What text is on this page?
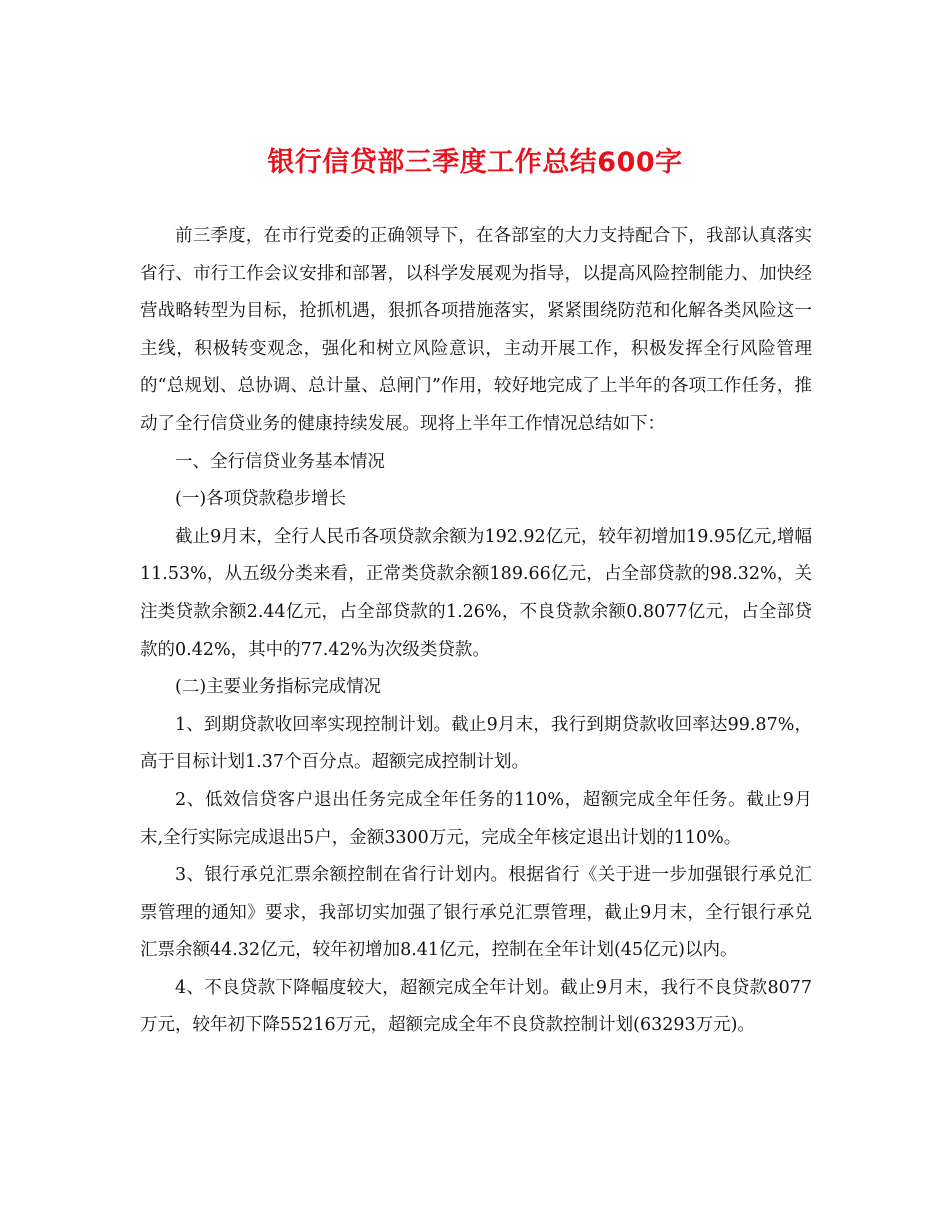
银行信贷部三季度工作总结600字

前三季度，在市行党委的正确领导下，在各部室的大力支持配合下，我部认真落实省行、市行工作会议安排和部署，以科学发展观为指导，以提高风险控制能力、加快经营战略转型为目标，抢抓机遇，狠抓各项措施落实，紧紧围绕防范和化解各类风险这一主线，积极转变观念，强化和树立风险意识，主动开展工作，积极发挥全行风险管理的“总规划、总协调、总计量、总闸门”作用，较好地完成了上半年的各项工作任务，推动了全行信贷业务的健康持续发展。现将上半年工作情况总结如下：

一、全行信贷业务基本情况

(一)各项贷款稳步增长

截止9月末，全行人民币各项贷款余额为192.92亿元，较年初增加19.95亿元,增幅11.53%，从五级分类来看，正常类贷款余额189.66亿元，占全部贷款的98.32%，关注类贷款余额2.44亿元，占全部贷款的1.26%，不良贷款余额0.8077亿元，占全部贷款的0.42%，其中的77.42%为次级类贷款。

(二)主要业务指标完成情况

1、到期贷款收回率实现控制计划。截止9月末，我行到期贷款收回率达99.87%，高于目标计划1.37个百分点。超额完成控制计划。

2、低效信贷客户退出任务完成全年任务的110%，超额完成全年任务。截止9月末,全行实际完成退出5户，金额3300万元，完成全年核定退出计划的110%。

3、银行承兑汇票余额控制在省行计划内。根据省行《关于进一步加强银行承兑汇票管理的通知》要求，我部切实加强了银行承兑汇票管理，截止9月末，全行银行承兑汇票余额44.32亿元，较年初增加8.41亿元，控制在全年计划(45亿元)以内。

4、不良贷款下降幅度较大，超额完成全年计划。截止9月末，我行不良贷款8077万元，较年初下降55216万元，超额完成全年不良贷款控制计划(63293万元)。
